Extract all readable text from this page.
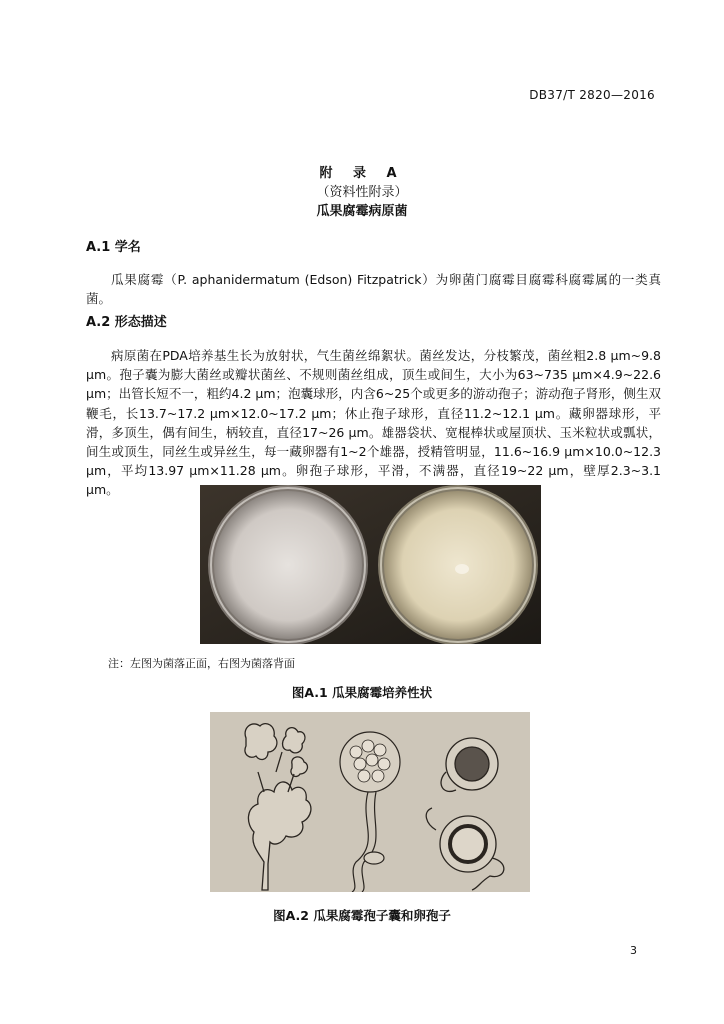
DB37/T 2820—2016
附 录 A
（资料性附录）
瓜果腐霉病原菌
A.1 学名

瓜果腐霉（P. aphanidermatum (Edson) Fitzpatrick）为卵菌门腐霉目腐霉科腐霉属的一类真菌。

A.2 形态描述

病原菌在PDA培养基生长为放射状，气生菌丝绵絮状。菌丝发达，分枝繁茂，菌丝粗2.8 μm~9.8 μm。孢子囊为膨大菌丝或瓣状菌丝、不规则菌丝组成，顶生或间生，大小为63~735 μm×4.9~22.6 μm；出管长短不一，粗约4.2 μm；泡囊球形，内含6~25个或更多的游动孢子；游动孢子肾形，侧生双鞭毛，长13.7~17.2 μm×12.0~17.2 μm；休止孢子球形，直径11.2~12.1 μm。藏卵器球形，平滑，多顶生，偶有间生，柄较直，直径17~26 μm。雄器袋状、宽棍棒状或屋顶状、玉米粒状或瓢状，间生或顶生，同丝生或异丝生，每一藏卵器有1~2个雄器，授精管明显，11.6~16.9 μm×10.0~12.3 μm，平均13.97 μm×11.28 μm。卵孢子球形，平滑，不满器，直径19~22 μm，壁厚2.3~3.1 μm。

注：左图为菌落正面，右图为菌落背面
图A.1 瓜果腐霉培养性状
图A.2 瓜果腐霉孢子囊和卵孢子
3
